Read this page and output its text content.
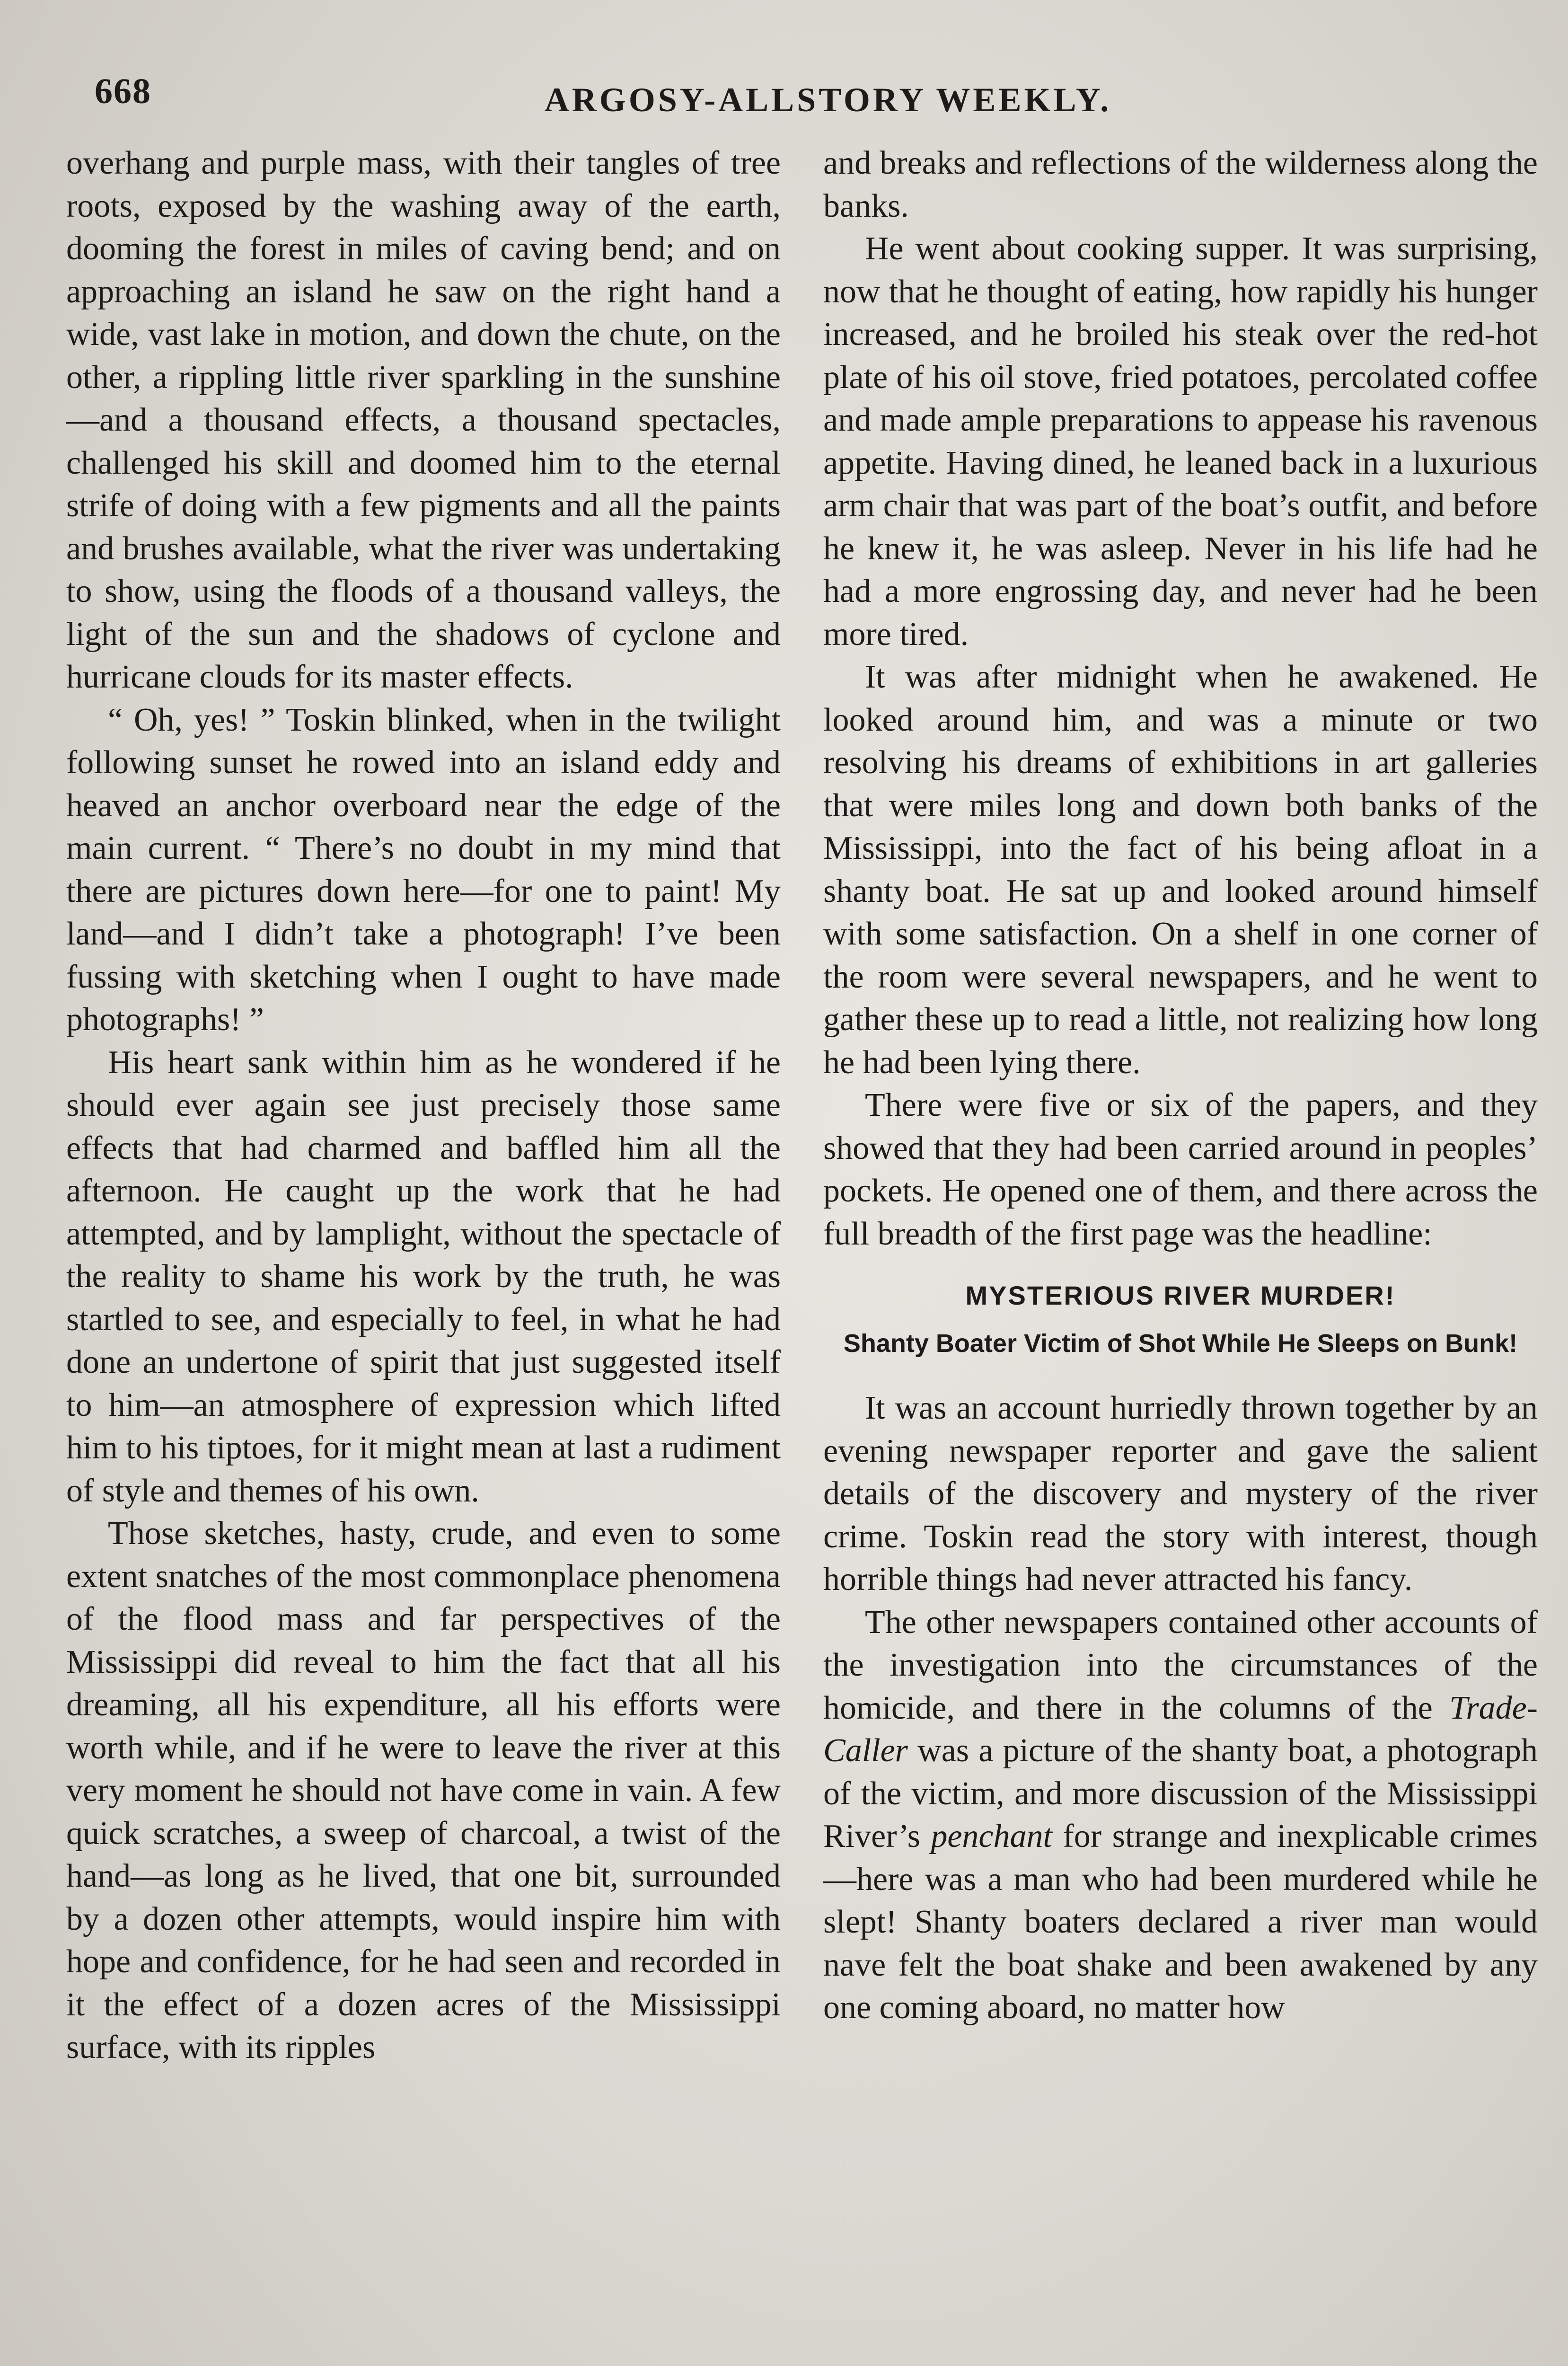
668	ARGOSY-ALLSTORY WEEKLY.

overhang and purple mass, with their tangles of tree roots, exposed by the washing away of the earth, dooming the forest in miles of caving bend; and on approaching an island he saw on the right hand a wide, vast lake in motion, and down the chute, on the other, a rippling little river sparkling in the sunshine—and a thousand effects, a thousand spectacles, challenged his skill and doomed him to the eternal strife of doing with a few pigments and all the paints and brushes available, what the river was undertaking to show, using the floods of a thousand valleys, the light of the sun and the shadows of cyclone and hurricane clouds for its master effects.

“ Oh, yes! ” Toskin blinked, when in the twilight following sunset he rowed into an island eddy and heaved an anchor overboard near the edge of the main current. “ There’s no doubt in my mind that there are pictures down here—for one to paint! My land—and I didn’t take a photograph! I’ve been fussing with sketching when I ought to have made photographs! ”

His heart sank within him as he wondered if he should ever again see just precisely those same effects that had charmed and baffled him all the afternoon. He caught up the work that he had attempted, and by lamplight, without the spectacle of the reality to shame his work by the truth, he was startled to see, and especially to feel, in what he had done an undertone of spirit that just suggested itself to him—an atmosphere of expression which lifted him to his tiptoes, for it might mean at last a rudiment of style and themes of his own.

Those sketches, hasty, crude, and even to some extent snatches of the most commonplace phenomena of the flood mass and far perspectives of the Mississippi did reveal to him the fact that all his dreaming, all his expenditure, all his efforts were worth while, and if he were to leave the river at this very moment he should not have come in vain. A few quick scratches, a sweep of charcoal, a twist of the hand—as long as he lived, that one bit, surrounded by a dozen other attempts, would inspire him with hope and confidence, for he had seen and recorded in it the effect of a dozen acres of the Mississippi surface, with its ripples

and breaks and reflections of the wilderness along the banks.

He went about cooking supper. It was surprising, now that he thought of eating, how rapidly his hunger increased, and he broiled his steak over the red-hot plate of his oil stove, fried potatoes, percolated coffee and made ample preparations to appease his ravenous appetite. Having dined, he leaned back in a luxurious arm chair that was part of the boat’s outfit, and before he knew it, he was asleep. Never in his life had he had a more engrossing day, and never had he been more tired.

It was after midnight when he awakened. He looked around him, and was a minute or two resolving his dreams of exhibitions in art galleries that were miles long and down both banks of the Mississippi, into the fact of his being afloat in a shanty boat. He sat up and looked around himself with some satisfaction. On a shelf in one corner of the room were several newspapers, and he went to gather these up to read a little, not realizing how long he had been lying there.

There were five or six of the papers, and they showed that they had been carried around in peoples’ pockets. He opened one of them, and there across the full breadth of the first page was the headline:

MYSTERIOUS RIVER MURDER!
Shanty Boater Victim of Shot While He Sleeps on Bunk!

It was an account hurriedly thrown together by an evening newspaper reporter and gave the salient details of the discovery and mystery of the river crime. Toskin read the story with interest, though horrible things had never attracted his fancy.

The other newspapers contained other accounts of the investigation into the circumstances of the homicide, and there in the columns of the Trade-Caller was a picture of the shanty boat, a photograph of the victim, and more discussion of the Mississippi River’s penchant for strange and inexplicable crimes—here was a man who had been murdered while he slept! Shanty boaters declared a river man would nave felt the boat shake and been awakened by any one coming aboard, no matter how
